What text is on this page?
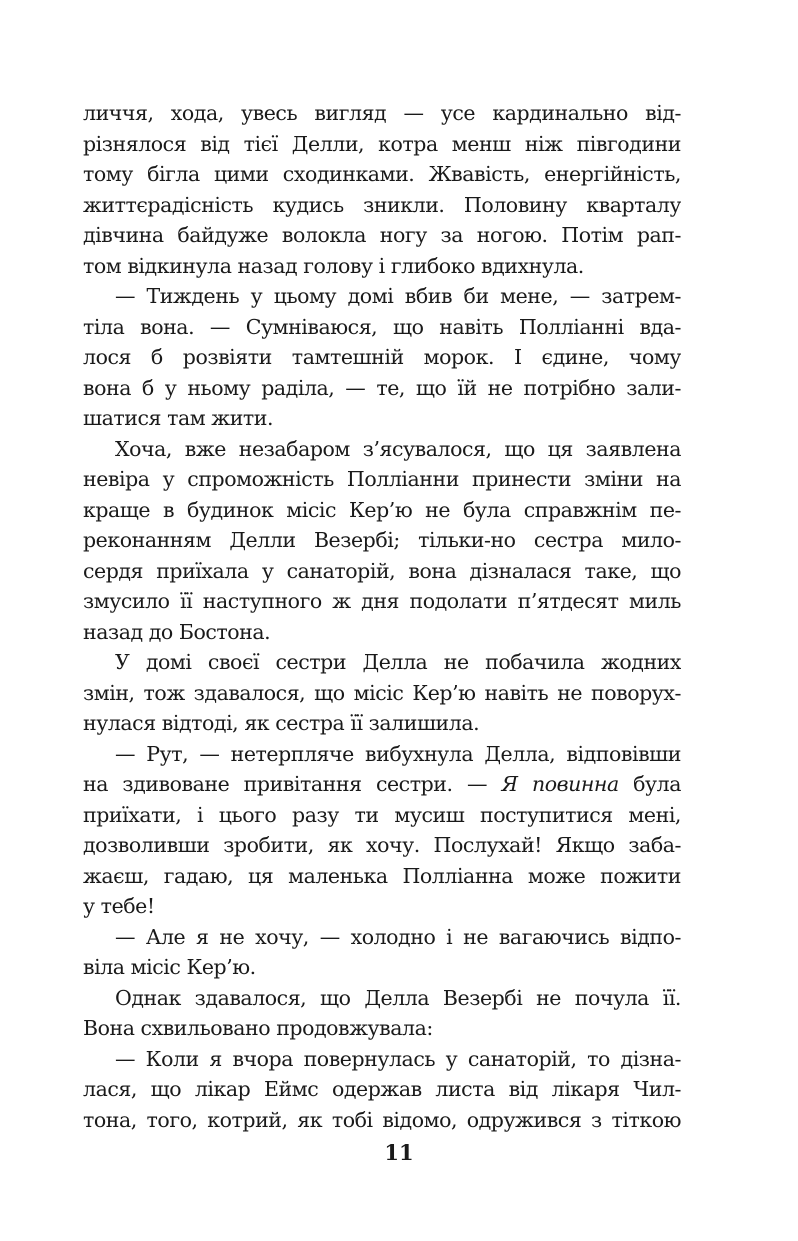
личчя, хода, увесь вигляд — усе кардинально від-
різнялося від тієї Делли, котра менш ніж півгодини
тому бігла цими сходинками. Жвавість, енергійність,
життєрадісність кудись зникли. Половину кварталу
дівчина байдуже волокла ногу за ногою. Потім рап-
том відкинула назад голову і глибоко вдихнула.
— Тиждень у цьому домі вбив би мене, — затрем-
тіла вона. — Сумніваюся, що навіть Полліанні вда-
лося б розвіяти тамтешній морок. І єдине, чому
вона б у ньому раділа, — те, що їй не потрібно зали-
шатися там жити.
Хоча, вже незабаром з’ясувалося, що ця заявлена
невіра у спроможність Полліанни принести зміни на
краще в будинок місіс Кер’ю не була справжнім пе-
реконанням Делли Везербі; тільки-но сестра мило-
сердя приїхала у санаторій, вона дізналася таке, що
змусило її наступного ж дня подолати п’ятдесят миль
назад до Бостона.
У домі своєї сестри Делла не побачила жодних
змін, тож здавалося, що місіс Кер’ю навіть не поворух-
нулася відтоді, як сестра її залишила.
— Рут, — нетерпляче вибухнула Делла, відповівши
на здивоване привітання сестри. — Я повинна була
приїхати, і цього разу ти мусиш поступитися мені,
дозволивши зробити, як хочу. Послухай! Якщо заба-
жаєш, гадаю, ця маленька Полліанна може пожити
у тебе!
— Але я не хочу, — холодно і не вагаючись відпо-
віла місіс Кер’ю.
Однак здавалося, що Делла Везербі не почула її.
Вона схвильовано продовжувала:
— Коли я вчора повернулась у санаторій, то дізна-
лася, що лікар Еймс одержав листа від лікаря Чил-
тона, того, котрий, як тобі відомо, одружився з тіткою
11
